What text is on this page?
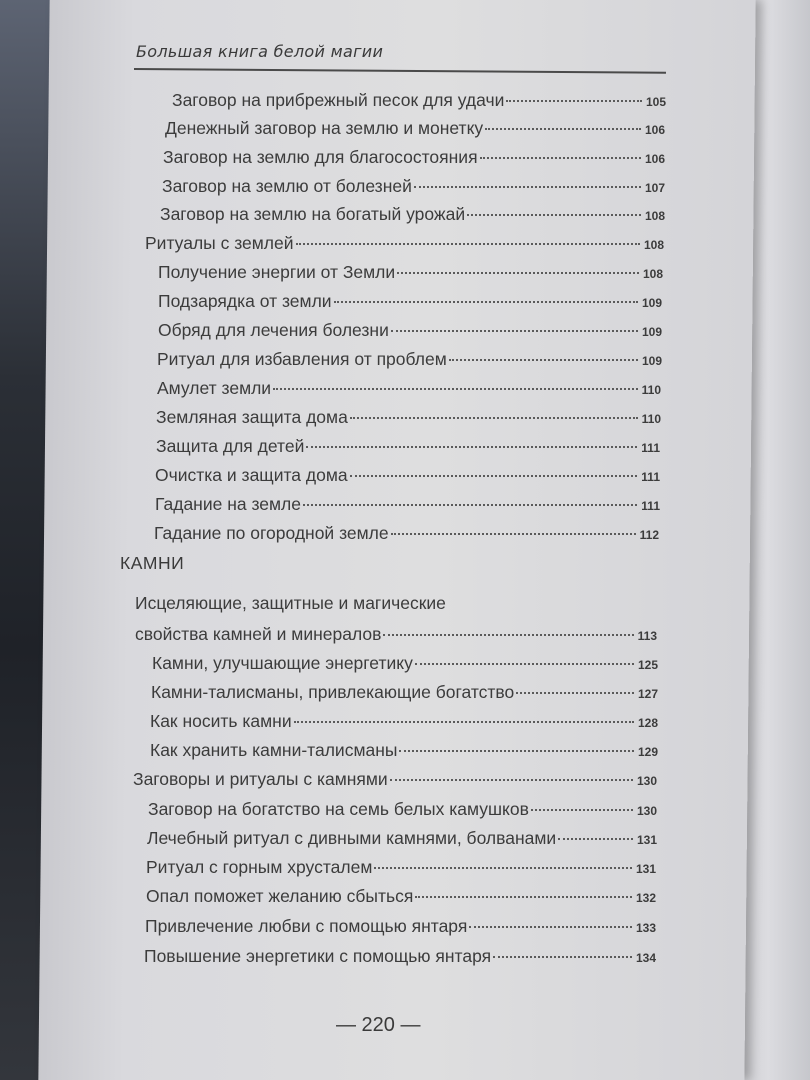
Большая книга белой магии
Заговор на прибрежный песок для удачи	105
Денежный заговор на землю и монетку	106
Заговор на землю для благосостояния	106
Заговор на землю от болезней	107
Заговор на землю на богатый урожай	108
Ритуалы с землей	108
Получение энергии от Земли	108
Подзарядка от земли	109
Обряд для лечения болезни	109
Ритуал для избавления от проблем	109
Амулет земли	110
Земляная защита дома	110
Защита для детей	111
Очистка и защита дома	111
Гадание на земле	111
Гадание по огородной земле	112
КАМНИ
Исцеляющие, защитные и магические
свойства камней и минералов	113
Камни, улучшающие энергетику	125
Камни-талисманы, привлекающие богатство	127
Как носить камни	128
Как хранить камни-талисманы	129
Заговоры и ритуалы с камнями	130
Заговор на богатство на семь белых камушков	130
Лечебный ритуал с дивными камнями, болванами	131
Ритуал с горным хрусталем	131
Опал поможет желанию сбыться	132
Привлечение любви с помощью янтаря	133
Повышение энергетики с помощью янтаря	134
— 220 —
